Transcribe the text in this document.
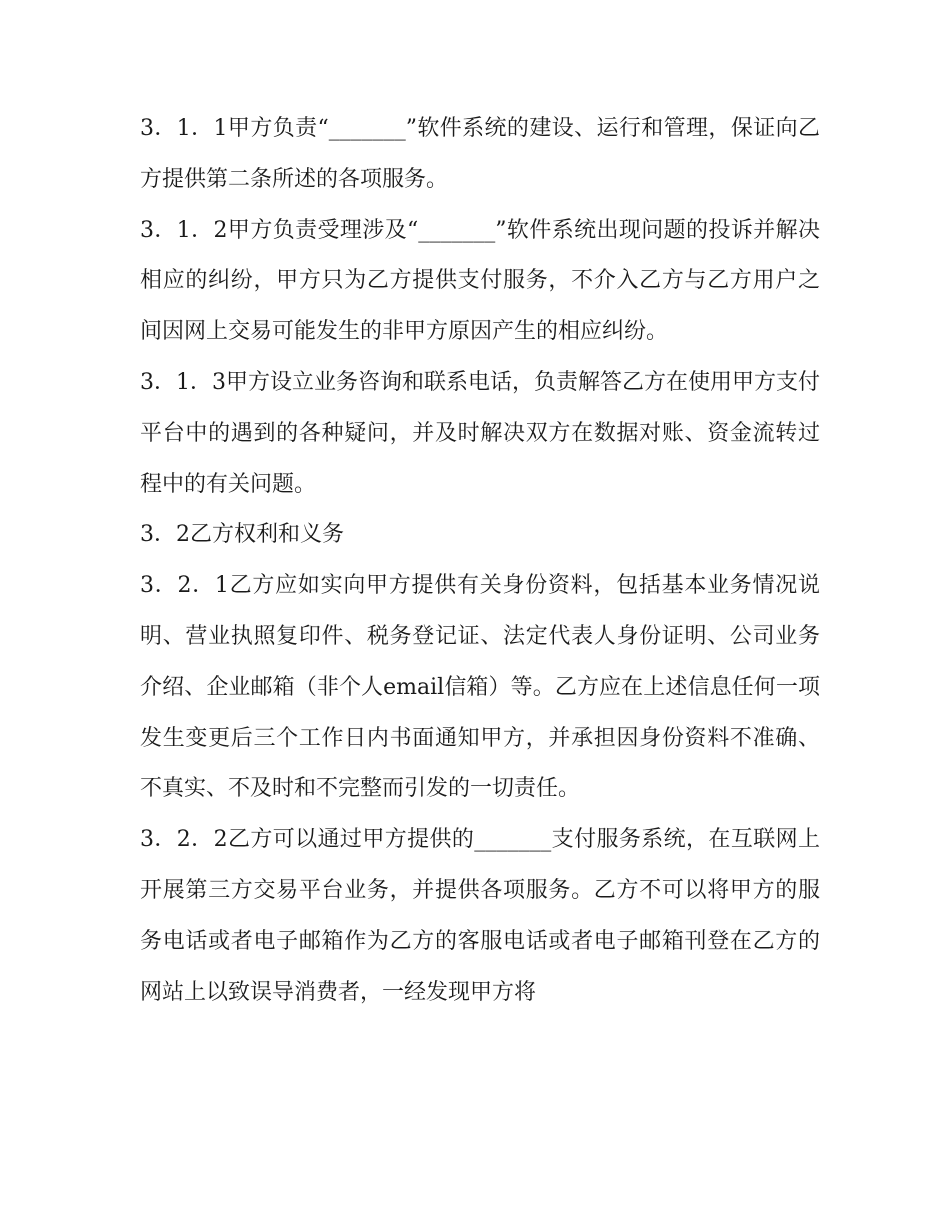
3．1．1甲方负责“_______”软件系统的建设、运行和管理，保证向乙方提供第二条所述的各项服务。

3．1．2甲方负责受理涉及“_______”软件系统出现问题的投诉并解决相应的纠纷，甲方只为乙方提供支付服务，不介入乙方与乙方用户之间因网上交易可能发生的非甲方原因产生的相应纠纷。

3．1．3甲方设立业务咨询和联系电话，负责解答乙方在使用甲方支付平台中的遇到的各种疑问，并及时解决双方在数据对账、资金流转过程中的有关问题。

3．2乙方权利和义务

3．2．1乙方应如实向甲方提供有关身份资料，包括基本业务情况说明、营业执照复印件、税务登记证、法定代表人身份证明、公司业务介绍、企业邮箱（非个人email信箱）等。乙方应在上述信息任何一项发生变更后三个工作日内书面通知甲方，并承担因身份资料不准确、不真实、不及时和不完整而引发的一切责任。

3．2．2乙方可以通过甲方提供的_______支付服务系统，在互联网上开展第三方交易平台业务，并提供各项服务。乙方不可以将甲方的服务电话或者电子邮箱作为乙方的客服电话或者电子邮箱刊登在乙方的网站上以致误导消费者，一经发现甲方将
